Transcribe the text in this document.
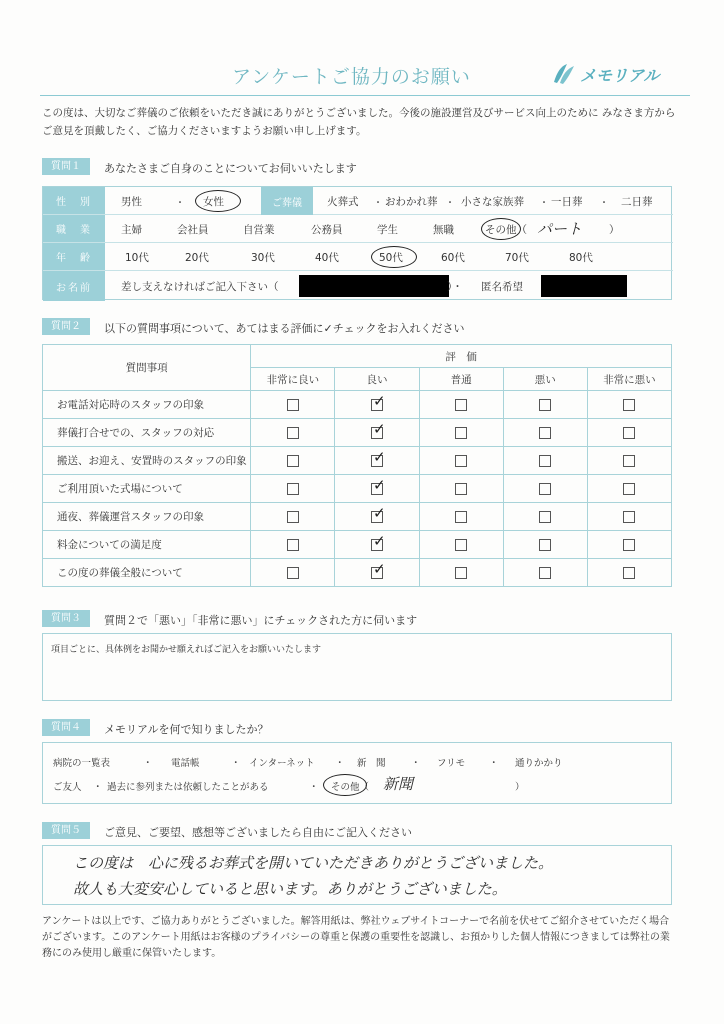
アンケートご協力のお願い	メモリアル
この度は、大切なご葬儀のご依頼をいただき誠にありがとうございました。今後の施設運営及びサービス向上のために みなさま方からご意見を頂戴したく、ご協力くださいますようお願い申し上げます。
質問１	あなたさまご自身のことについてお伺いいたします
性　別	男性	・ 女性	ご葬儀	火葬式 ・ おわかれ葬 ・ 小さな家族葬 ・ 一日葬 ・ 二日葬
職　業	主婦	会社員	自営業	公務員	学生	無職	その他（ パート	）
年　齢	10代	20代	30代	40代	50代	60代	70代	80代
お名前	差し支えなければご記入下さい（	）・ 匿名希望
質問２	以下の質問事項について、あてはまる評価に✓チェックをお入れください
質問事項	評　価				
	非常に良い	良い	普通	悪い	非常に悪い
お電話対応時のスタッフの印象		✓			

葬儀打合せでの、スタッフの対応		✓			

搬送、お迎え、安置時のスタッフの印象		✓			

ご利用頂いた式場について		✓			

通夜、葬儀運営スタッフの印象		✓			

料金についての満足度		✓			

この度の葬儀全般について		✓			

質問３	質問２で「悪い」「非常に悪い」にチェックされた方に伺います
項目ごとに、具体例をお聞かせ願えればご記入をお願いいたします
質問４	メモリアルを何で知りましたか？
病院の一覧表	・ 電話帳	・ インターネット ・ 新　聞	・ フリモ	・ 通りかかり
ご友人 ・ 過去に参列または依頼したことがある	・ その他（ 新聞	）
質問５	ご意見、ご要望、感想等ございましたら自由にご記入ください
この度は　心に残るお葬式を開いていただきありがとうございました。
故人も大変安心していると思います。ありがとうございました。
アンケートは以上です、ご協力ありがとうございました。解答用紙は、弊社ウェブサイトコーナーで名前を伏せてご紹介させていただく場合がございます。このアンケート用紙はお客様のプライバシーの尊重と保護の重要性を認識し、お預かりした個人情報につきましては弊社の業務にのみ使用し厳重に保管いたします。
